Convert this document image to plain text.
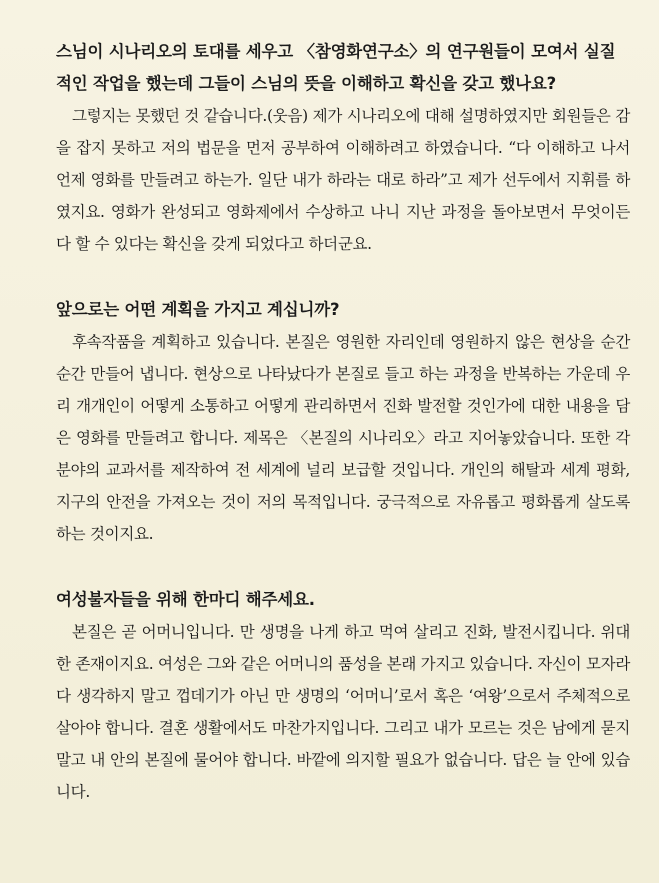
스님이 시나리오의 토대를 세우고 〈참영화연구소〉의 연구원들이 모여서 실질적인 작업을 했는데 그들이 스님의 뜻을 이해하고 확신을 갖고 했나요?

그렇지는 못했던 것 같습니다.(웃음) 제가 시나리오에 대해 설명하였지만 회원들은 감을 잡지 못하고 저의 법문을 먼저 공부하여 이해하려고 하였습니다. “다 이해하고 나서 언제 영화를 만들려고 하는가. 일단 내가 하라는 대로 하라”고 제가 선두에서 지휘를 하였지요. 영화가 완성되고 영화제에서 수상하고 나니 지난 과정을 돌아보면서 무엇이든 다 할 수 있다는 확신을 갖게 되었다고 하더군요.

앞으로는 어떤 계획을 가지고 계십니까?

후속작품을 계획하고 있습니다. 본질은 영원한 자리인데 영원하지 않은 현상을 순간순간 만들어 냅니다. 현상으로 나타났다가 본질로 들고 하는 과정을 반복하는 가운데 우리 개개인이 어떻게 소통하고 어떻게 관리하면서 진화 발전할 것인가에 대한 내용을 담은 영화를 만들려고 합니다. 제목은 〈본질의 시나리오〉라고 지어놓았습니다. 또한 각 분야의 교과서를 제작하여 전 세계에 널리 보급할 것입니다. 개인의 해탈과 세계 평화, 지구의 안전을 가져오는 것이 저의 목적입니다. 궁극적으로 자유롭고 평화롭게 살도록 하는 것이지요.

여성불자들을 위해 한마디 해주세요.

본질은 곧 어머니입니다. 만 생명을 나게 하고 먹여 살리고 진화, 발전시킵니다. 위대한 존재이지요. 여성은 그와 같은 어머니의 품성을 본래 가지고 있습니다. 자신이 모자라다 생각하지 말고 껍데기가 아닌 만 생명의 ‘어머니’로서 혹은 ‘여왕’으로서 주체적으로 살아야 합니다. 결혼 생활에서도 마찬가지입니다. 그리고 내가 모르는 것은 남에게 묻지 말고 내 안의 본질에 물어야 합니다. 바깥에 의지할 필요가 없습니다. 답은 늘 안에 있습니다.
